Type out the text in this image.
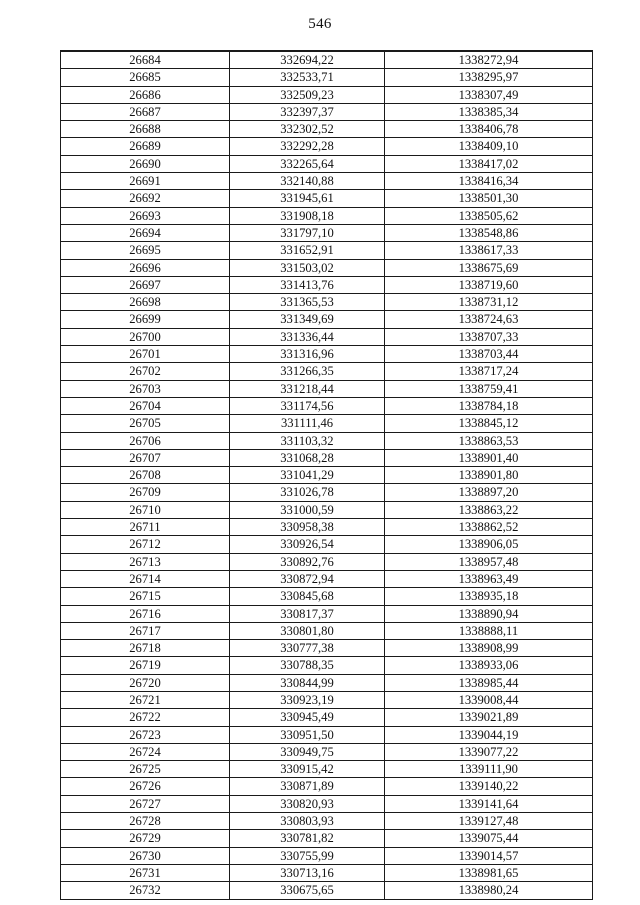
546
26684	332694,22	1338272,94
26685	332533,71	1338295,97
26686	332509,23	1338307,49
26687	332397,37	1338385,34
26688	332302,52	1338406,78
26689	332292,28	1338409,10
26690	332265,64	1338417,02
26691	332140,88	1338416,34
26692	331945,61	1338501,30
26693	331908,18	1338505,62
26694	331797,10	1338548,86
26695	331652,91	1338617,33
26696	331503,02	1338675,69
26697	331413,76	1338719,60
26698	331365,53	1338731,12
26699	331349,69	1338724,63
26700	331336,44	1338707,33
26701	331316,96	1338703,44
26702	331266,35	1338717,24
26703	331218,44	1338759,41
26704	331174,56	1338784,18
26705	331111,46	1338845,12
26706	331103,32	1338863,53
26707	331068,28	1338901,40
26708	331041,29	1338901,80
26709	331026,78	1338897,20
26710	331000,59	1338863,22
26711	330958,38	1338862,52
26712	330926,54	1338906,05
26713	330892,76	1338957,48
26714	330872,94	1338963,49
26715	330845,68	1338935,18
26716	330817,37	1338890,94
26717	330801,80	1338888,11
26718	330777,38	1338908,99
26719	330788,35	1338933,06
26720	330844,99	1338985,44
26721	330923,19	1339008,44
26722	330945,49	1339021,89
26723	330951,50	1339044,19
26724	330949,75	1339077,22
26725	330915,42	1339111,90
26726	330871,89	1339140,22
26727	330820,93	1339141,64
26728	330803,93	1339127,48
26729	330781,82	1339075,44
26730	330755,99	1339014,57
26731	330713,16	1338981,65
26732	330675,65	1338980,24
